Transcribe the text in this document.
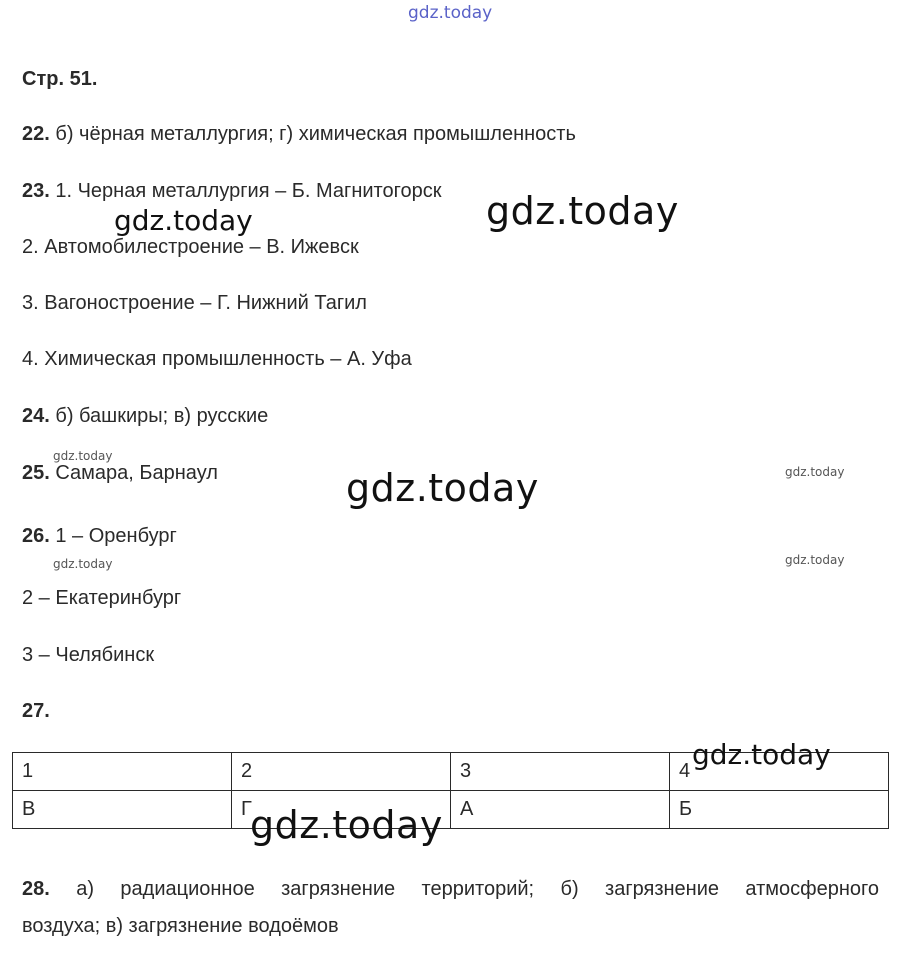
gdz.today
Стр. 51.
22. б) чёрная металлургия; г) химическая промышленность
23. 1. Черная металлургия – Б. Магнитогорск
2. Автомобилестроение – В. Ижевск
3. Вагоностроение – Г. Нижний Тагил
4. Химическая промышленность – А. Уфа
24. б) башкиры; в) русские
25. Самара, Барнаул
26. 1 – Оренбург
2 – Екатеринбург
3 – Челябинск
27.
1	2	3	4
В	Г	А	Б
28. а) радиационное загрязнение территорий; б) загрязнение атмосферного
воздуха; в) загрязнение водоёмов
gdz.today
gdz.today
gdz.today
gdz.today
gdz.today
gdz.today
gdz.today
gdz.today	gdz.today
